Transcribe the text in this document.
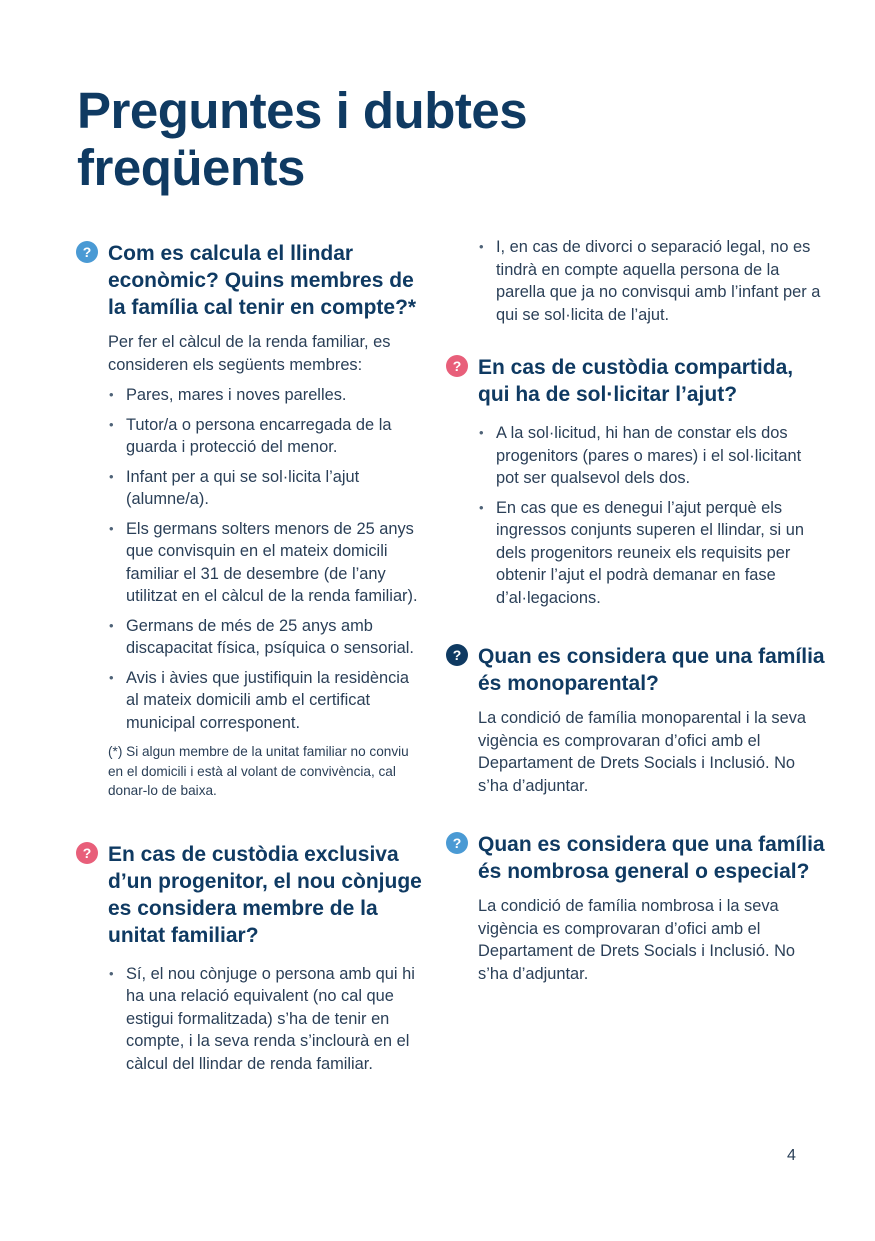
Preguntes i dubtes
freqüents
? Com es calcula el llindar econòmic? Quins membres de la família cal tenir en compte?*

Per fer el càlcul de la renda familiar, es consideren els següents membres:

• Pares, mares i noves parelles.
• Tutor/a o persona encarregada de la guarda i protecció del menor.
• Infant per a qui se sol·licita l’ajut (alumne/a).
• Els germans solters menors de 25 anys que convisquin en el mateix domicili familiar el 31 de desembre (de l’any utilitzat en el càlcul de la renda familiar).
• Germans de més de 25 anys amb discapacitat física, psíquica o sensorial.
• Avis i àvies que justifiquin la residència al mateix domicili amb el certificat municipal corresponent.

(*) Si algun membre de la unitat familiar no conviu en el domicili i està al volant de convivència, cal donar-lo de baixa.

? En cas de custòdia exclusiva d’un progenitor, el nou cònjuge es considera membre de la unitat familiar?
• Sí, el nou cònjuge o persona amb qui hi ha una relació equivalent (no cal que estigui formalitzada) s’ha de tenir en compte, i la seva renda s’inclourà en el càlcul del llindar de renda familiar.
• I, en cas de divorci o separació legal, no es tindrà en compte aquella persona de la parella que ja no convisqui amb l’infant per a qui se sol·licita de l’ajut.
? En cas de custòdia compartida, qui ha de sol·licitar l’ajut?
• A la sol·licitud, hi han de constar els dos progenitors (pares o mares) i el sol·licitant pot ser qualsevol dels dos.
• En cas que es denegui l’ajut perquè els ingressos conjunts superen el llindar, si un dels progenitors reuneix els requisits per obtenir l’ajut el podrà demanar en fase d’al·legacions.
? Quan es considera que una família és monoparental?

La condició de família monoparental i la seva vigència es comprovaran d’ofici amb el Departament de Drets Socials i Inclusió. No s’ha d’adjuntar.

? Quan es considera que una família és nombrosa general o especial?

La condició de família nombrosa i la seva vigència es comprovaran d’ofici amb el Departament de Drets Socials i Inclusió. No s’ha d’adjuntar.

4
